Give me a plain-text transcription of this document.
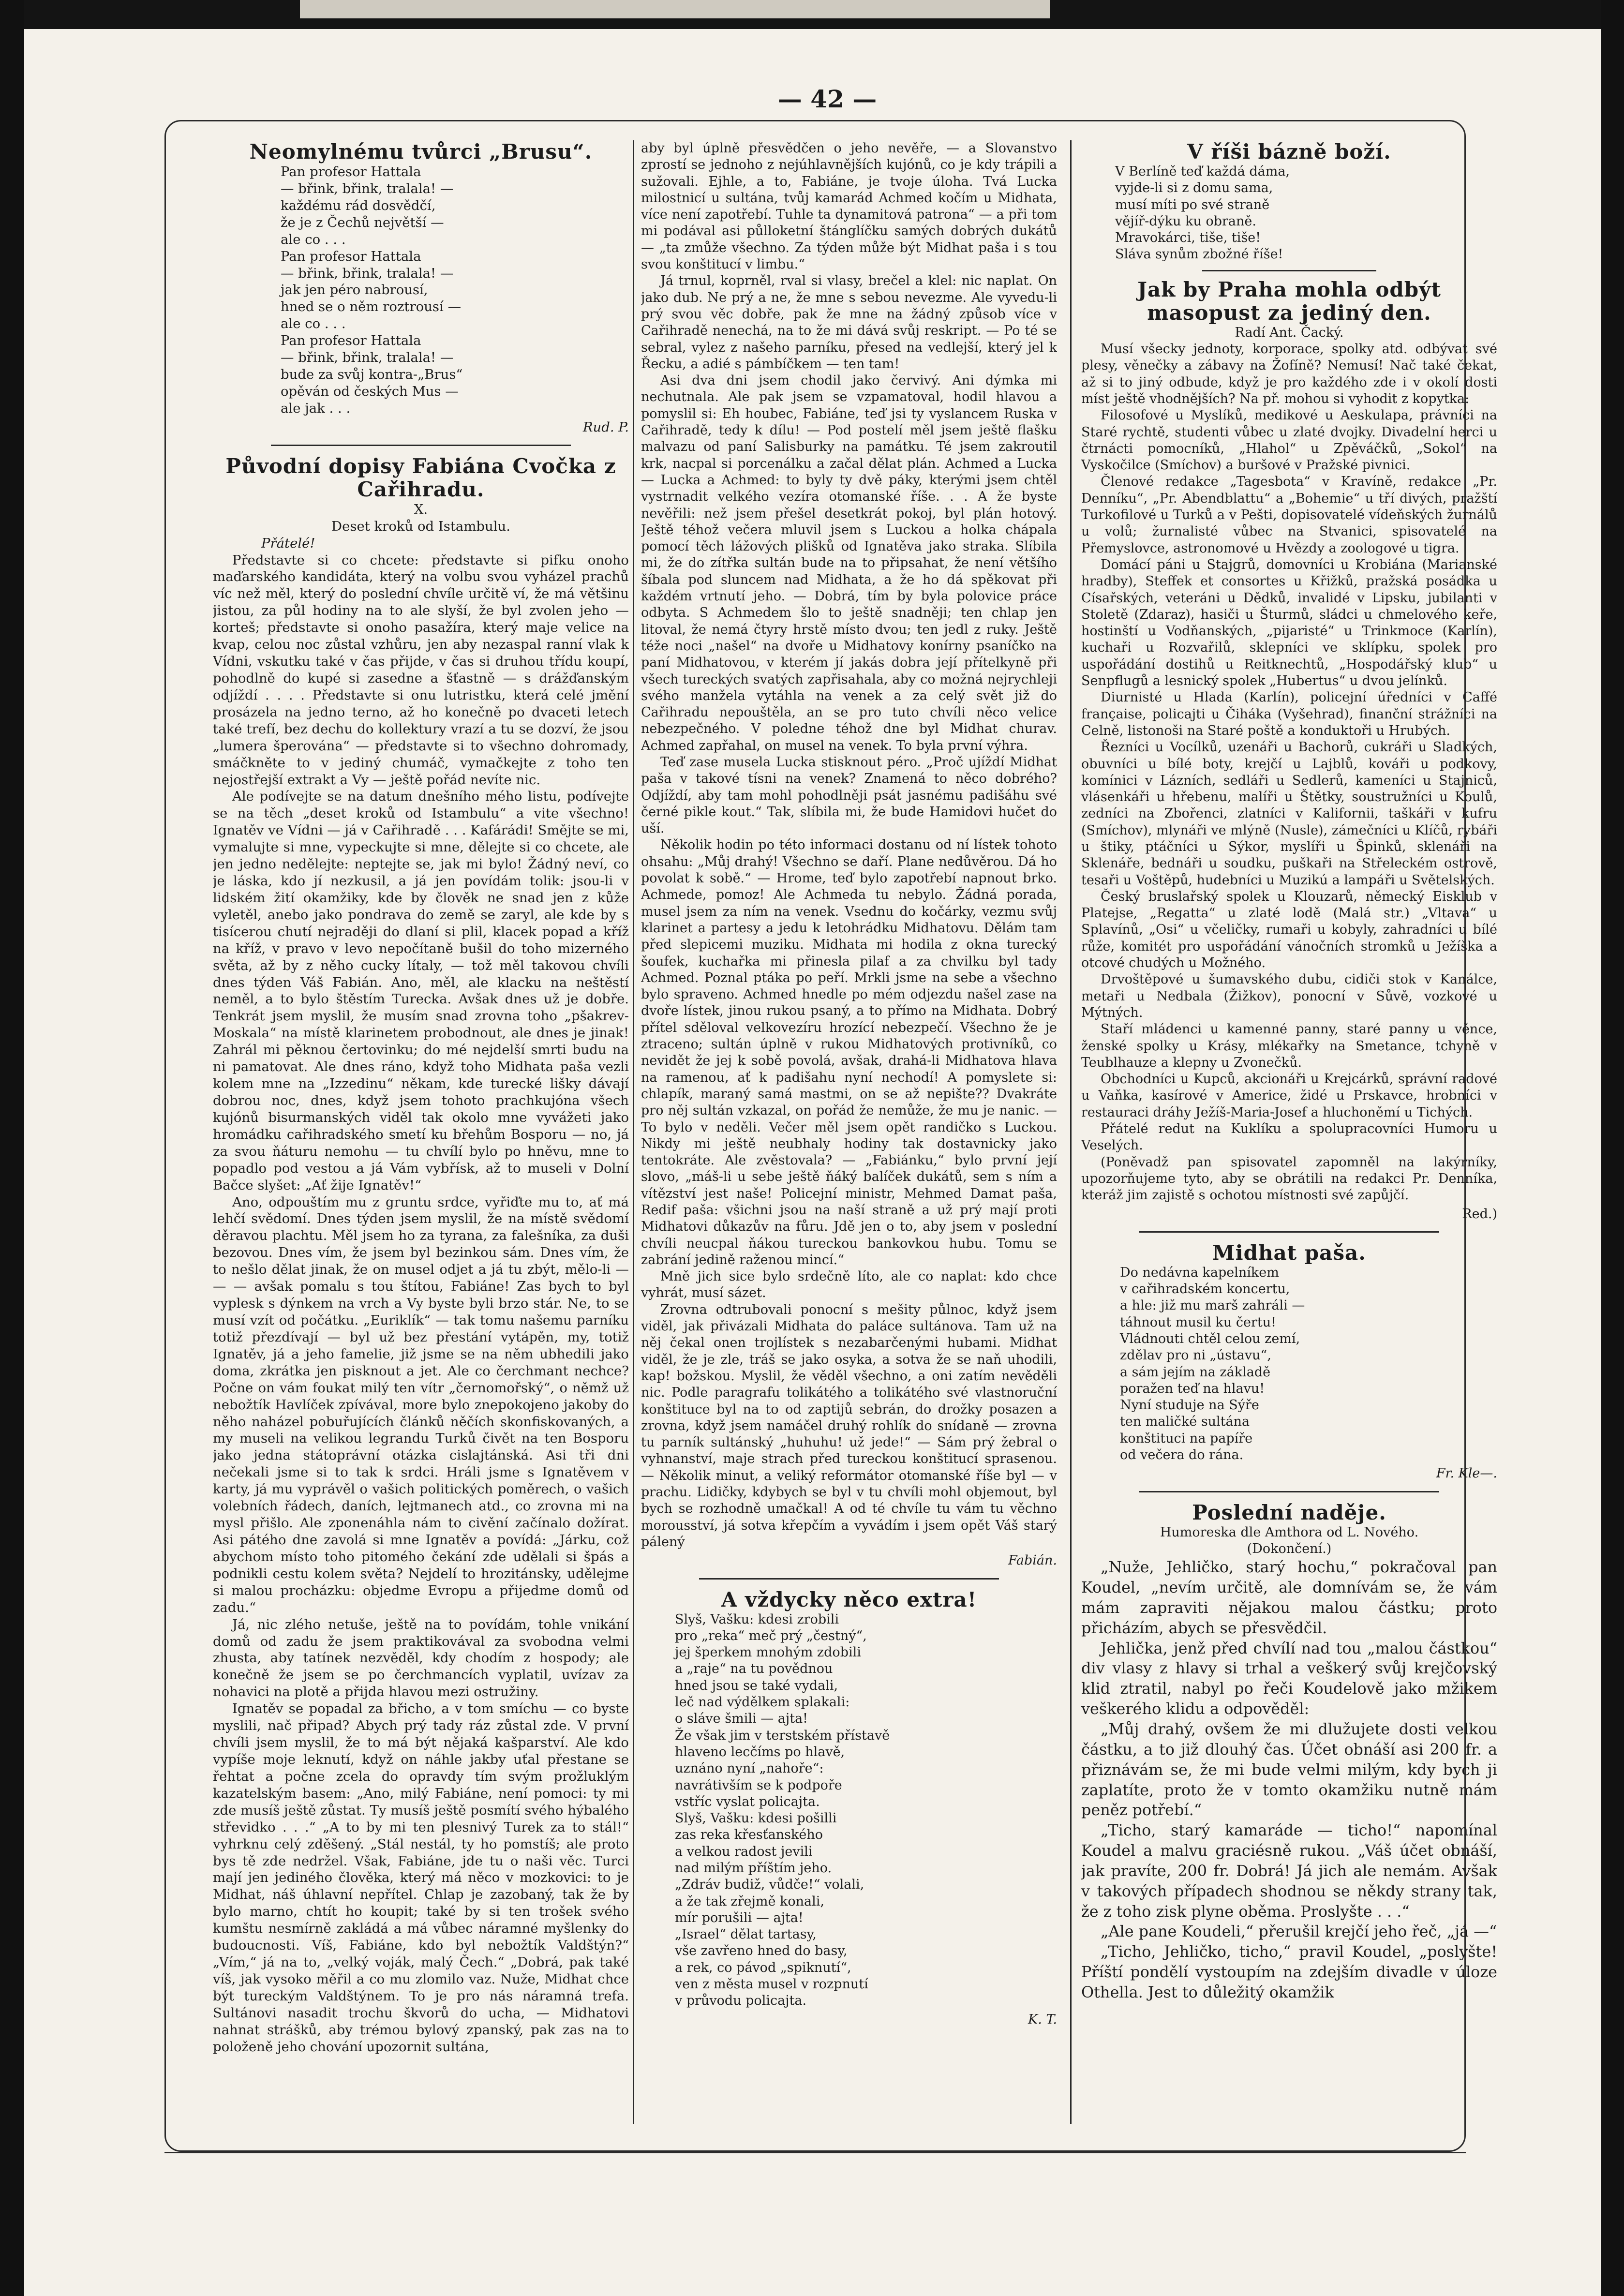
— 42 —
Neomylnému tvůrci „Brusu“.
Pan profesor Hattala
— břink, břink, tralala! —
každému rád dosvědčí,
že je z Čechů největší —
ale co . . .
Pan profesor Hattala
— břink, břink, tralala! —
jak jen péro nabrousí,
hned se o něm roztrousí —
ale co . . .
Pan profesor Hattala
— břink, břink, tralala! —
bude za svůj kontra-„Brus“
opěván od českých Mus —
ale jak . . .
Rud. P.
Původní dopisy Fabiána Cvočka z Cařihradu.
X.
Deset kroků od Istambulu.
Přátelé!

Představte si co chcete: představte si pifku onoho maďarského kandidáta, který na volbu svou vyházel prachů víc než měl, který do poslední chvíle určitě ví, že má většinu jistou, za půl hodiny na to ale slyší, že byl zvolen jeho — korteš; představte si onoho pasažíra, který maje velice na kvap, celou noc zůstal vzhůru, jen aby nezaspal ranní vlak k Vídni, vskutku také v čas přijde, v čas si druhou třídu koupí, pohodlně do kupé si zasedne a šťastně — s drážďanským odjíždí . . . . Představte si onu lutristku, která celé jmění prosázela na jedno terno, až ho konečně po dvaceti letech také trefí, bez dechu do kollektury vrazí a tu se dozví, že jsou „lumera šperována“ — představte si to všechno dohromady, smáčkněte to v jediný chumáč, vymačkejte z toho ten nejostřejší extrakt a Vy — ještě pořád nevíte nic.

Ale podívejte se na datum dnešního mého listu, podívejte se na těch „deset kroků od Istambulu“ a vite všechno! Ignatěv ve Vídni — já v Cařihradě . . . Kafárádi! Smějte se mi, vymalujte si mne, vypeckujte si mne, dělejte si co chcete, ale jen jedno nedělejte: neptejte se, jak mi bylo! Žádný neví, co je láska, kdo jí nezkusil, a já jen povídám tolik: jsou-li v lidském žití okamžiky, kde by člověk ne snad jen z kůže vyletěl, anebo jako pondrava do země se zaryl, ale kde by s tisícerou chutí nejraději do dlaní si plil, klacek popad a kříž na kříž, v pravo v levo nepočítaně bušil do toho mizerného světa, až by z něho cucky lítaly, — tož měl takovou chvíli dnes týden Váš Fabián. Ano, měl, ale klacku na neštěstí neměl, a to bylo štěstím Turecka. Avšak dnes už je dobře. Tenkrát jsem myslil, že musím snad zrovna toho „pšakrev-Moskala“ na místě klarinetem probodnout, ale dnes je jinak! Zahrál mi pěknou čertovinku; do mé nejdelší smrti budu na ni pamatovat. Ale dnes ráno, když toho Midhata paša vezli kolem mne na „Izzedinu“ někam, kde turecké lišky dávají dobrou noc, dnes, když jsem tohoto prachkujóna všech kujónů bisurmanských viděl tak okolo mne vyvážeti jako hromádku cařihradského smetí ku břehům Bosporu — no, já za svou ňáturu nemohu — tu chvílí bylo po hněvu, mne to popadlo pod vestou a já Vám vybřísk, až to museli v Dolní Bačce slyšet: „Ať žije Ignatěv!“

Ano, odpouštím mu z gruntu srdce, vyřiďte mu to, ať má lehčí svědomí. Dnes týden jsem myslil, že na místě svědomí děravou plachtu. Měl jsem ho za tyrana, za falešníka, za duši bezovou. Dnes vím, že jsem byl bezinkou sám. Dnes vím, že to nešlo dělat jinak, že on musel odjet a já tu zbýt, mělo-li — — — avšak pomalu s tou štítou, Fabiáne! Zas bych to byl vyplesk s dýnkem na vrch a Vy byste byli brzo stár. Ne, to se musí vzít od počátku. „Euriklík“ — tak tomu našemu parníku totiž přezdívají — byl už bez přestání vytápěn, my, totiž Ignatěv, já a jeho famelie, již jsme se na něm ubhedili jako doma, zkrátka jen pisknout a jet. Ale co čerchmant nechce? Počne on vám foukat milý ten vítr „černomořský“, o němž už nebožtík Havlíček zpívával, more bylo znepokojeno jakoby do něho naházel pobuřujících článků něčích skonfiskovaných, a my museli na velikou legrandu Turků čivět na ten Bosporu jako jedna státoprávní otázka cislajtánská. Asi tři dni nečekali jsme si to tak k srdci. Hráli jsme s Ignatěvem v karty, já mu vyprávěl o vašich politických poměrech, o vašich volebních řádech, daních, lejtmanech atd., co zrovna mi na mysl přišlo. Ale zponenáhla nám to civění začínalo dožírat. Asi pátého dne zavolá si mne Ignatěv a povídá: „Járku, což abychom místo toho pitomého čekání zde udělali si špás a podnikli cestu kolem světa? Nejdelí to hrozitánsky, udělejme si malou procházku: objedme Evropu a přijedme domů od zadu.“

Já, nic zlého netuše, ještě na to povídám, tohle vnikání domů od zadu že jsem praktikovával za svobodna velmi zhusta, aby tatínek nezvěděl, kdy chodím z hospody; ale konečně že jsem se po čerchmancích vyplatil, uvízav za nohavici na plotě a přijda hlavou mezi ostružiny.

Ignatěv se popadal za břicho, a v tom smíchu — co byste myslili, nač připad? Abych prý tady ráz zůstal zde. V první chvíli jsem myslil, že to má být nějaká kašparství. Ale kdo vypíše moje leknutí, když on náhle jakby uťal přestane se řehtat a počne zcela do opravdy tím svým prožluklým kazatelským basem: „Ano, milý Fabiáne, není pomoci: ty mi zde musíš ještě zůstat. Ty musíš ještě posmítí svého hýbalého střevidko . . .“ „A to by mi ten plesnivý Turek za to stál!“ vyhrknu celý zděšený. „Stál nestál, ty ho pomstíš; ale proto bys tě zde nedržel. Však, Fabiáne, jde tu o naši věc. Turci mají jen jediného člověka, který má něco v mozkovici: to je Midhat, náš úhlavní nepřítel. Chlap je zazobaný, tak že by bylo marno, chtít ho koupit; také by si ten trošek svého kumštu nesmírně zakládá a má vůbec náramné myšlenky do budoucnosti. Víš, Fabiáne, kdo byl nebožtík Valdštýn?“ „Vím,“ já na to, „velký voják, malý Čech.“ „Dobrá, pak také víš, jak vysoko měřil a co mu zlomilo vaz. Nuže, Midhat chce být tureckým Valdštýnem. To je pro nás náramná trefa. Sultánovi nasadit trochu škvorů do ucha, — Midhatovi nahnat strášků, aby trémou bylový zpanský, pak zas na to položeně jeho chování upozornit sultána,

aby byl úplně přesvědčen o jeho nevěře, — a Slovanstvo zprostí se jednoho z nejúhlavnějších kujónů, co je kdy trápili a sužovali. Ejhle, a to, Fabiáne, je tvoje úloha. Tvá Lucka milostnicí u sultána, tvůj kamarád Achmed kočím u Midhata, více není zapotřebí. Tuhle ta dynamitová patrona“ — a při tom mi podával asi půlloketní štánglíčku samých dobrých dukátů — „ta zmůže všechno. Za týden může být Midhat paša i s tou svou konštitucí v limbu.“

Já trnul, koprněl, rval si vlasy, brečel a klel: nic naplat. On jako dub. Ne prý a ne, že mne s sebou nevezme. Ale vyvedu-li prý svou věc dobře, pak že mne na žádný způsob více v Cařihradě nenechá, na to že mi dává svůj reskript. — Po té se sebral, vylez z našeho parníku, přesed na vedlejší, který jel k Řecku, a adié s pámbíčkem — ten tam!

Asi dva dni jsem chodil jako červivý. Ani dýmka mi nechutnala. Ale pak jsem se vzpamatoval, hodil hlavou a pomyslil si: Eh houbec, Fabiáne, teď jsi ty vyslancem Ruska v Cařihradě, tedy k dílu! — Pod postelí měl jsem ještě flašku malvazu od paní Salisburky na památku. Té jsem zakroutil krk, nacpal si porcenálku a začal dělat plán. Achmed a Lucka — Lucka a Achmed: to byly ty dvě páky, kterými jsem chtěl vystrnadit velkého vezíra otomanské říše. . . A že byste nevěřili: než jsem přešel desetkrát pokoj, byl plán hotový. Ještě téhož večera mluvil jsem s Luckou a holka chápala pomocí těch lážových plišků od Ignatěva jako straka. Slíbila mi, že do zítřka sultán bude na to připsahat, že není většího šíbala pod sluncem nad Midhata, a že ho dá spěkovat při každém vrtnutí jeho. — Dobrá, tím by byla polovice práce odbyta. S Achmedem šlo to ještě snadněji; ten chlap jen litoval, že nemá čtyry hrstě místo dvou; ten jedl z ruky. Ještě téže noci „našel“ na dvoře u Midhatovy konírny psaníčko na paní Midhatovou, v kterém jí jakás dobra její přítelkyně při všech tureckých svatých zapřisahala, aby co možná nejrychleji svého manžela vytáhla na venek a za celý svět již do Cařihradu nepouštěla, an se pro tuto chvíli něco velice nebezpečného. V poledne téhož dne byl Midhat churav. Achmed zapřahal, on musel na venek. To byla první výhra.

Teď zase musela Lucka stisknout péro. „Proč ujíždí Midhat paša v takové tísni na venek? Znamená to něco dobrého? Odjíždí, aby tam mohl pohodlněji psát jasnému padišáhu své černé pikle kout.“ Tak, slíbila mi, že bude Hamidovi hučet do uší.

Několik hodin po této informaci dostanu od ní lístek tohoto ohsahu: „Můj drahý! Všechno se daří. Plane nedůvěrou. Dá ho povolat k sobě.“ — Hrome, teď bylo zapotřebí napnout brko. Achmede, pomoz! Ale Achmeda tu nebylo. Žádná porada, musel jsem za ním na venek. Vsednu do kočárky, vezmu svůj klarinet a partesy a jedu k letohrádku Midhatovu. Dělám tam před slepicemi muziku. Midhata mi hodila z okna turecký šoufek, kuchařka mi přinesla pilaf a za chvilku byl tady Achmed. Poznal ptáka po peří. Mrkli jsme na sebe a všechno bylo spraveno. Achmed hnedle po mém odjezdu našel zase na dvoře lístek, jinou rukou psaný, a to přímo na Midhata. Dobrý přítel sděloval velkovezíru hrozící nebezpečí. Všechno že je ztraceno; sultán úplně v rukou Midhatových protivníků, co nevidět že jej k sobě povolá, avšak, drahá-li Midhatova hlava na ramenou, ať k padišahu nyní nechodí! A pomyslete si: chlapík, maraný samá mastmi, on se až nepište?? Dvakráte pro něj sultán vzkazal, on pořád že nemůže, že mu je nanic. — To bylo v neděli. Večer měl jsem opět randičko s Luckou. Nikdy mi ještě neubhaly hodiny tak dostavnicky jako tentokráte. Ale zvěstovala? — „Fabiánku,“ bylo první její slovo, „máš-li u sebe ještě ňáký balíček dukátů, sem s ním a vítězství jest naše! Policejní ministr, Mehmed Damat paša, Redif paša: všichni jsou na naší straně a už prý mají proti Midhatovi důkazův na fůru. Jdě jen o to, aby jsem v poslední chvíli neucpal ňákou tureckou bankovkou hubu. Tomu se zabrání jedině raženou mincí.“

Mně jich sice bylo srdečně líto, ale co naplat: kdo chce vyhrát, musí sázet.

Zrovna odtrubovali ponocní s mešity půlnoc, když jsem viděl, jak přivázali Midhata do paláce sultánova. Tam už na něj čekal onen trojlístek s nezabarčenými hubami. Midhat viděl, že je zle, tráš se jako osyka, a sotva že se naň uhodili, kap! božskou. Myslil, že věděl všechno, a oni zatím nevěděli nic. Podle paragrafu tolikátého a tolikátého své vlastnoruční konštituce byl na to od zaptijů sebrán, do drožky posazen a zrovna, když jsem namáčel druhý rohlík do snídaně — zrovna tu parník sultánský „huhuhu! už jede!“ — Sám prý žebral o vyhnanství, maje strach před tureckou konštitucí sprasenou. — Několik minut, a veliký reformátor otomanské říše byl — v prachu. Lidičky, kdybych se byl v tu chvíli mohl objemout, byl bych se rozhodně umačkal! A od té chvíle tu vám tu věchno morousství, já sotva křepčím a vyvádím i jsem opět Váš starý pálený

Fabián.
A vždycky něco extra!
Slyš, Vašku: kdesi zrobili
pro „reka“ meč prý „čestný“,
jej šperkem mnohým zdobili
a „raje“ na tu povědnou
hned jsou se také vydali,
leč nad výdělkem splakali:
o sláve šmili — ajta!
Že však jim v terstském přístavě
hlaveno lecčíms po hlavě,
uznáno nyní „nahoře“:
navrátivším se k podpoře
vstříc vyslat policajta.
Slyš, Vašku: kdesi pošilli
zas reka křesťanského
a velkou radost jevili
nad milým příštím jeho.
„Zdráv budiž, vůdče!“ volali,
a že tak zřejmě konali,
mír porušili — ajta!
„Israel“ dělat tartasy,
vše zavřeno hned do basy,
a rek, co pávod „spiknutí“,
ven z města musel v rozpnutí
v průvodu policajta.
K. T.
V říši bázně boží.
V Berlíně teď každá dáma,
vyjde-li si z domu sama,
musí míti po své straně
vějíř-dýku ku obraně.
Mravokárci, tiše, tiše!
Sláva synům zbožné říše!
Jak by Praha mohla odbýt masopust za jediný den.
Radí Ant. Čacký.

Musí všecky jednoty, korporace, spolky atd. odbývat své plesy, věnečky a zábavy na Žofíně? Nemusí! Nač také čekat, až si to jiný odbude, když je pro každého zde i v okolí dosti míst ještě vhodnějších? Na př. mohou si vyhodit z kopytka:

Filosofové u Myslíků, medikové u Aeskulapa, právníci na Staré rychtě, studenti vůbec u zlaté dvojky. Divadelní herci u čtrnácti pomocníků, „Hlahol“ u Zpěváčků, „Sokol“ na Vyskočilce (Smíchov) a buršové v Pražské pivnici.

Členové redakce „Tagesbota“ v Kravíně, redakce „Pr. Denníku“, „Pr. Abendblattu“ a „Bohemie“ u tří divých, pražští Turkofilové u Turků a v Pešti, dopisovatelé vídeňských žurnálů u volů; žurnalisté vůbec na Stvanici, spisovatelé na Přemyslovce, astronomové u Hvězdy a zoologové u tigra.

Domácí páni u Stajgrů, domovníci u Krobiána (Marianské hradby), Steffek et consortes u Křižků, pražská posádka u Císařských, veteráni u Dědků, invalidé v Lipsku, jubilanti v Stoletě (Zdaraz), hasiči u Šturmů, sládci u chmelového keře, hostinští u Vodňanských, „pijaristé“ u Trinkmoce (Karlín), kuchaři u Rozvařilů, sklepníci ve sklípku, spolek pro uspořádání dostihů u Reitknechtů, „Hospodářský klub“ u Senpflugů a lesnický spolek „Hubertus“ u dvou jelínků.

Diurnisté u Hlada (Karlín), policejní úředníci v Caffé française, policajti u Čiháka (Vyšehrad), finanční strážníci na Celně, listonoši na Staré poště a konduktoři u Hrubých.

Řezníci u Vocílků, uzenáři u Bachorů, cukráři u Sladkých, obuvníci u bílé boty, krejčí u Lajblů, kováři u podkovy, komínici v Lázních, sedláři u Sedlerů, kameníci u Stajniců, vlásenkáři u hřebenu, malíři u Štětky, soustružníci u Koulů, zedníci na Zbořenci, zlatníci v Kalifornii, taškáři v kufru (Smíchov), mlynáři ve mlýně (Nusle), zámečníci u Klíčů, rybáři u štiky, ptáčníci u Sýkor, myslíři u Špinků, sklenáři na Sklenáře, bednáři u soudku, puškaři na Střeleckém ostrově, tesaři u Voštěpů, hudebníci u Muzikú a lampáři u Světelských.

Český bruslařský spolek u Klouzarů, německý Eisklub v Platejse, „Regatta“ u zlaté lodě (Malá str.) „Vltava“ u Splavínů, „Osi“ u včeličky, rumaři u kobyly, zahradníci u bílé růže, komitét pro uspořádání vánočních stromků u Ježíška a otcové chudých u Možného.

Drvoštěpové u šumavského dubu, cidiči stok v Kanálce, metaři u Nedbala (Žižkov), ponocní v Sůvě, vozkové u Mýtných.

Staří mládenci u kamenné panny, staré panny u věnce, ženské spolky u Krásy, mlékařky na Smetance, tchyně v Teublhauze a klepny u Zvonečků.

Obchodníci u Kupců, akcionáři u Krejcárků, správní radové u Vaňka, kasírové v Americe, židé u Prskavce, hrobníci v restauraci dráhy Ježíš-Maria-Josef a hluchoněmí u Tichých.

Přátelé redut na Kuklíku a spolupracovníci Humoru u Veselých.

(Poněvadž pan spisovatel zapomněl na lakýrníky, upozorňujeme tyto, aby se obrátili na redakci Pr. Denníka, kteráž jim zajistě s ochotou místnosti své zapůjčí.

Red.)
Midhat paša.
Do nedávna kapelníkem
v cařihradském koncertu,
a hle: již mu marš zahráli —
táhnout musil ku čertu!
Vládnouti chtěl celou zemí,
zdělav pro ni „ústavu“,
a sám jejím na základě
poražen teď na hlavu!
Nyní studuje na Sýře
ten maličké sultána
konštituci na papíře
od večera do rána.
Fr. Kle—.
Poslední naděje.
Humoreska dle Amthora od L. Nového.
(Dokončení.)

„Nuže, Jehličko, starý hochu,“ pokračoval pan Koudel, „nevím určitě, ale domnívám se, že vám mám zapraviti nějakou malou částku; proto přicházím, abych se přesvědčil.

Jehlička, jenž před chvílí nad tou „malou částkou“ div vlasy z hlavy si trhal a veškerý svůj krejčovský klid ztratil, nabyl po řeči Koudelově jako mžikem veškerého klidu a odpověděl:

„Můj drahý, ovšem že mi dlužujete dosti velkou částku, a to již dlouhý čas. Účet obnáší asi 200 fr. a přiznávám se, že mi bude velmi milým, kdy bych ji zaplatíte, proto že v tomto okamžiku nutně mám peněz potřebí.“

„Ticho, starý kamaráde — ticho!“ napomínal Koudel a malvu graciésně rukou. „Váš účet obnáší, jak pravíte, 200 fr. Dobrá! Já jich ale nemám. Avšak v takových případech shodnou se někdy strany tak, že z toho zisk plyne oběma. Proslyšte . . .“

„Ale pane Koudeli,“ přerušil krejčí jeho řeč, „já —“

„Ticho, Jehličko, ticho,“ pravil Koudel, „poslyšte! Příští pondělí vystoupím na zdejším divadle v úloze Othella. Jest to důležitý okamžik
